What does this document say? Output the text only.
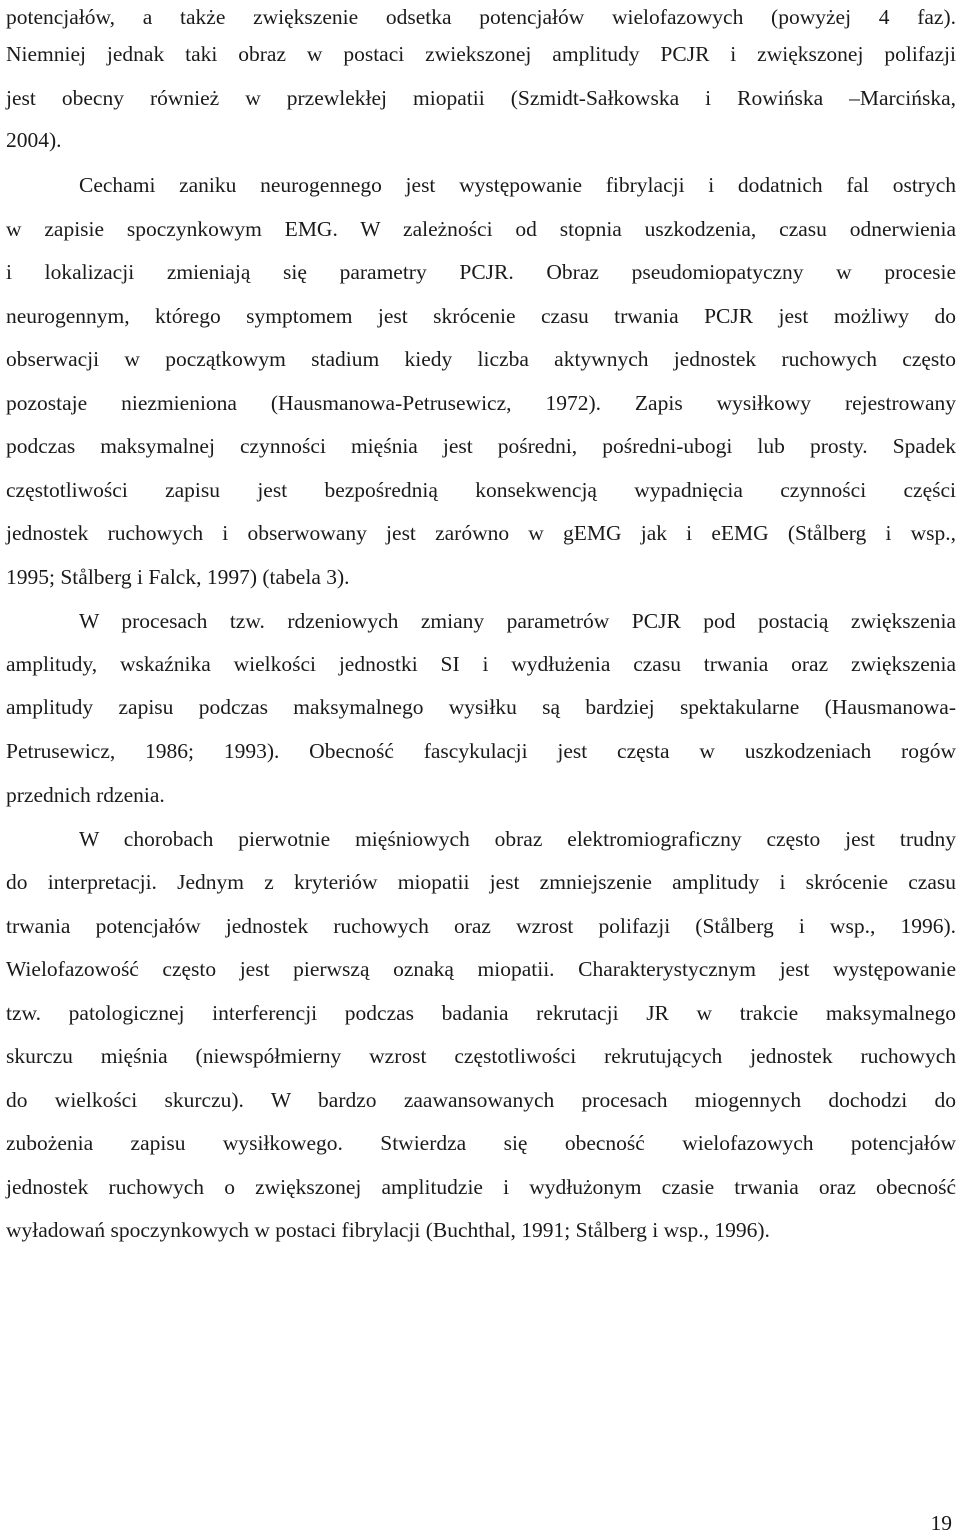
potencjałów, a także zwiększenie odsetka potencjałów wielofazowych (powyżej 4 faz).
Niemniej jednak taki obraz w postaci zwiekszonej amplitudy PCJR i zwiększonej polifazji
jest obecny również w przewlekłej miopatii (Szmidt-Sałkowska i Rowińska –Marcińska,
2004).
Cechami zaniku neurogennego jest występowanie fibrylacji i dodatnich fal ostrych
w zapisie spoczynkowym EMG. W zależności od stopnia uszkodzenia, czasu odnerwienia
i lokalizacji zmieniają się parametry PCJR. Obraz pseudomiopatyczny w procesie
neurogennym, którego symptomem jest skrócenie czasu trwania PCJR jest możliwy do
obserwacji w początkowym stadium kiedy liczba aktywnych jednostek ruchowych często
pozostaje niezmieniona (Hausmanowa-Petrusewicz, 1972). Zapis wysiłkowy rejestrowany
podczas maksymalnej czynności mięśnia jest pośredni, pośredni-ubogi lub prosty. Spadek
częstotliwości zapisu jest bezpośrednią konsekwencją wypadnięcia czynności części
jednostek ruchowych i obserwowany jest zarówno w gEMG jak i eEMG (Stålberg i wsp.,
1995; Stålberg i Falck, 1997) (tabela 3).
W procesach tzw. rdzeniowych zmiany parametrów PCJR pod postacią zwiększenia
amplitudy, wskaźnika wielkości jednostki SI i wydłużenia czasu trwania oraz zwiększenia
amplitudy zapisu podczas maksymalnego wysiłku są bardziej spektakularne (Hausmanowa-
Petrusewicz, 1986; 1993). Obecność fascykulacji jest częsta w uszkodzeniach rogów
przednich rdzenia.
W chorobach pierwotnie mięśniowych obraz elektromiograficzny często jest trudny
do interpretacji. Jednym z kryteriów miopatii jest zmniejszenie amplitudy i skrócenie czasu
trwania potencjałów jednostek ruchowych oraz wzrost polifazji (Stålberg i wsp., 1996).
Wielofazowość często jest pierwszą oznaką miopatii. Charakterystycznym jest występowanie
tzw. patologicznej interferencji podczas badania rekrutacji JR w trakcie maksymalnego
skurczu mięśnia (niewspółmierny wzrost częstotliwości rekrutujących jednostek ruchowych
do wielkości skurczu). W bardzo zaawansowanych procesach miogennych dochodzi do
zubożenia zapisu wysiłkowego. Stwierdza się obecność wielofazowych potencjałów
jednostek ruchowych o zwiększonej amplitudzie i wydłużonym czasie trwania oraz obecność
wyładowań spoczynkowych w postaci fibrylacji (Buchthal, 1991; Stålberg i wsp., 1996).
19
